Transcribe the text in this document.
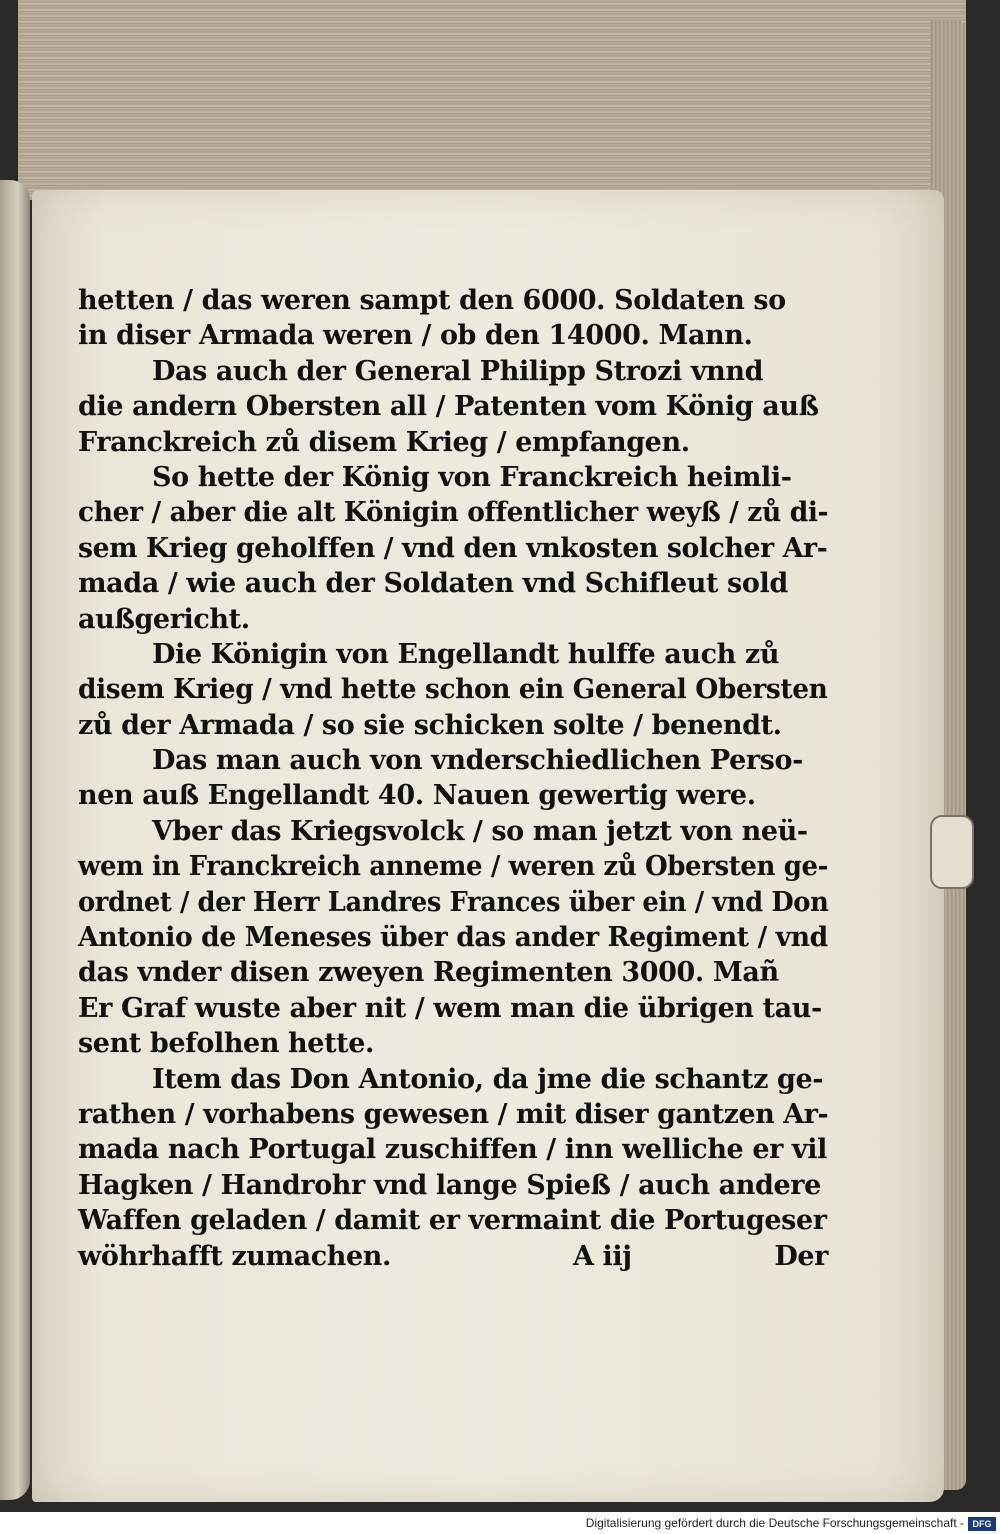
hetten / das weren sampt den 6000. Soldaten so
in diser Armada weren / ob den 14000. Mann.
Das auch der General Philipp Strozi vnnd
die andern Obersten all / Patenten vom König auß
Franckreich zů disem Krieg / empfangen.
So hette der König von Franckreich heimli-
cher / aber die alt Königin offentlicher weyß / zů di-
sem Krieg geholffen / vnd den vnkosten solcher Ar-
mada / wie auch der Soldaten vnd Schifleut sold
außgericht.
Die Königin von Engellandt hulffe auch zů
disem Krieg / vnd hette schon ein General Obersten
zů der Armada / so sie schicken solte / benendt.
Das man auch von vnderschiedlichen Perso-
nen auß Engellandt 40. Nauen gewertig were.
Vber das Kriegsvolck / so man jetzt von neü-
wem in Franckreich anneme / weren zů Obersten ge-
ordnet / der Herr Landres Frances über ein / vnd Don
Antonio de Meneses über das ander Regiment / vnd
das vnder disen zweyen Regimenten 3000. Mañ
Er Graf wuste aber nit / wem man die übrigen tau-
sent befolhen hette.
Item das Don Antonio, da jme die schantz ge-
rathen / vorhabens gewesen / mit diser gantzen Ar-
mada nach Portugal zuschiffen / inn welliche er vil
Hagken / Handrohr vnd lange Spieß / auch andere
Waffen geladen / damit er vermaint die Portugeser
wöhrhafft zumachen.	A iij	Der
Digitalisierung gefördert durch die Deutsche Forschungsgemeinschaft - DFG
